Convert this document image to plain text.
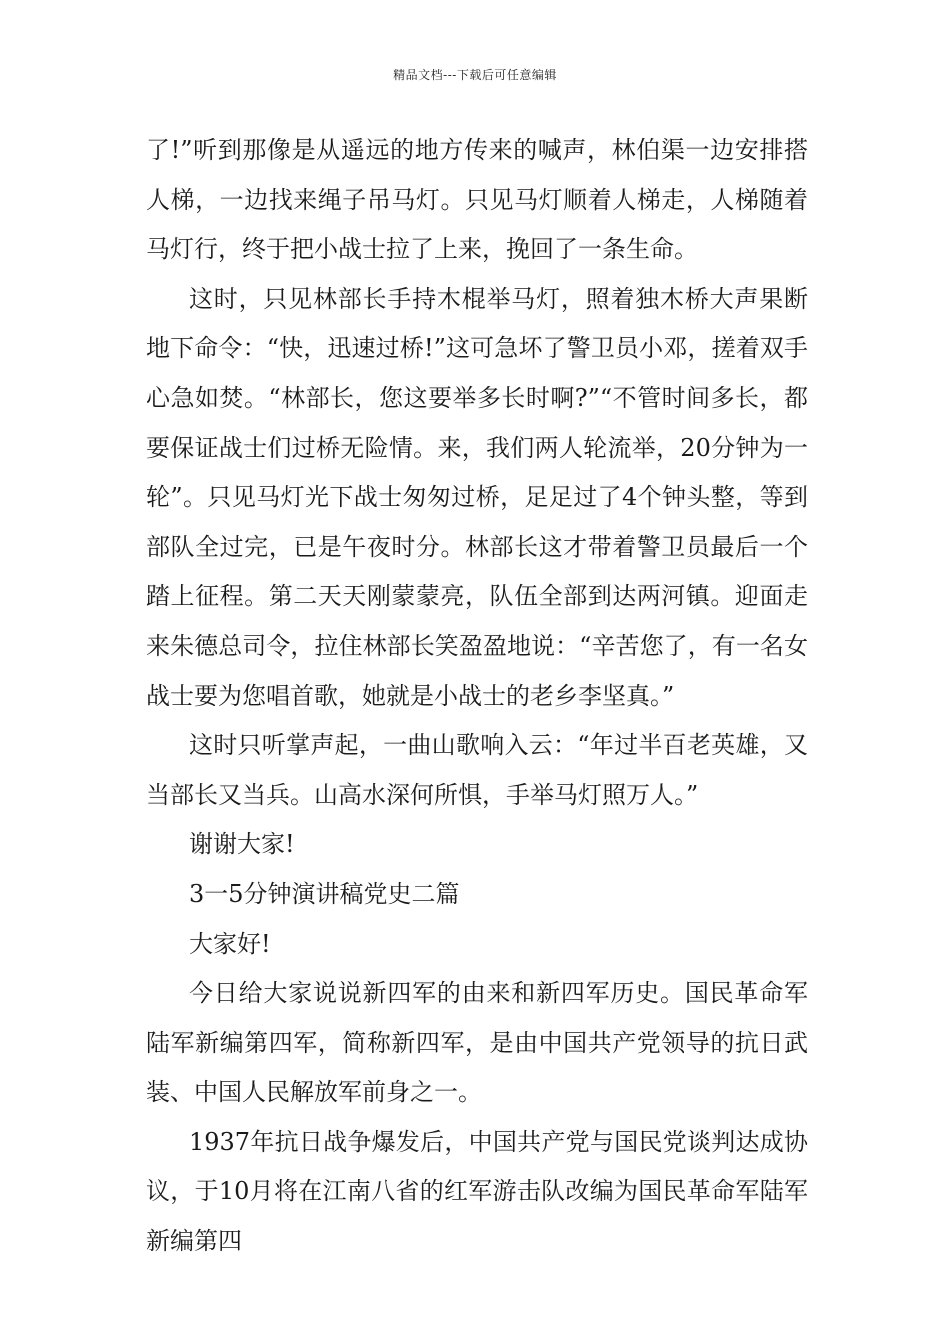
精品文档---下载后可任意编辑

了!”听到那像是从遥远的地方传来的喊声，林伯渠一边安排搭人梯，一边找来绳子吊马灯。只见马灯顺着人梯走，人梯随着马灯行，终于把小战士拉了上来，挽回了一条生命。

这时，只见林部长手持木棍举马灯，照着独木桥大声果断地下命令：“快，迅速过桥!”这可急坏了警卫员小邓，搓着双手心急如焚。“林部长，您这要举多长时啊?”“不管时间多长，都要保证战士们过桥无险情。来，我们两人轮流举，20分钟为一轮”。只见马灯光下战士匆匆过桥，足足过了4个钟头整，等到部队全过完，已是午夜时分。林部长这才带着警卫员最后一个踏上征程。第二天天刚蒙蒙亮，队伍全部到达两河镇。迎面走来朱德总司令，拉住林部长笑盈盈地说：“辛苦您了，有一名女战士要为您唱首歌，她就是小战士的老乡李坚真。”

这时只听掌声起，一曲山歌响入云：“年过半百老英雄，又当部长又当兵。山高水深何所惧，手举马灯照万人。”

谢谢大家!

3一5分钟演讲稿党史二篇

大家好!

今日给大家说说新四军的由来和新四军历史。国民革命军陆军新编第四军，简称新四军，是由中国共产党领导的抗日武装、中国人民解放军前身之一。

1937年抗日战争爆发后，中国共产党与国民党谈判达成协议，于10月将在江南八省的红军游击队改编为国民革命军陆军新编第四
